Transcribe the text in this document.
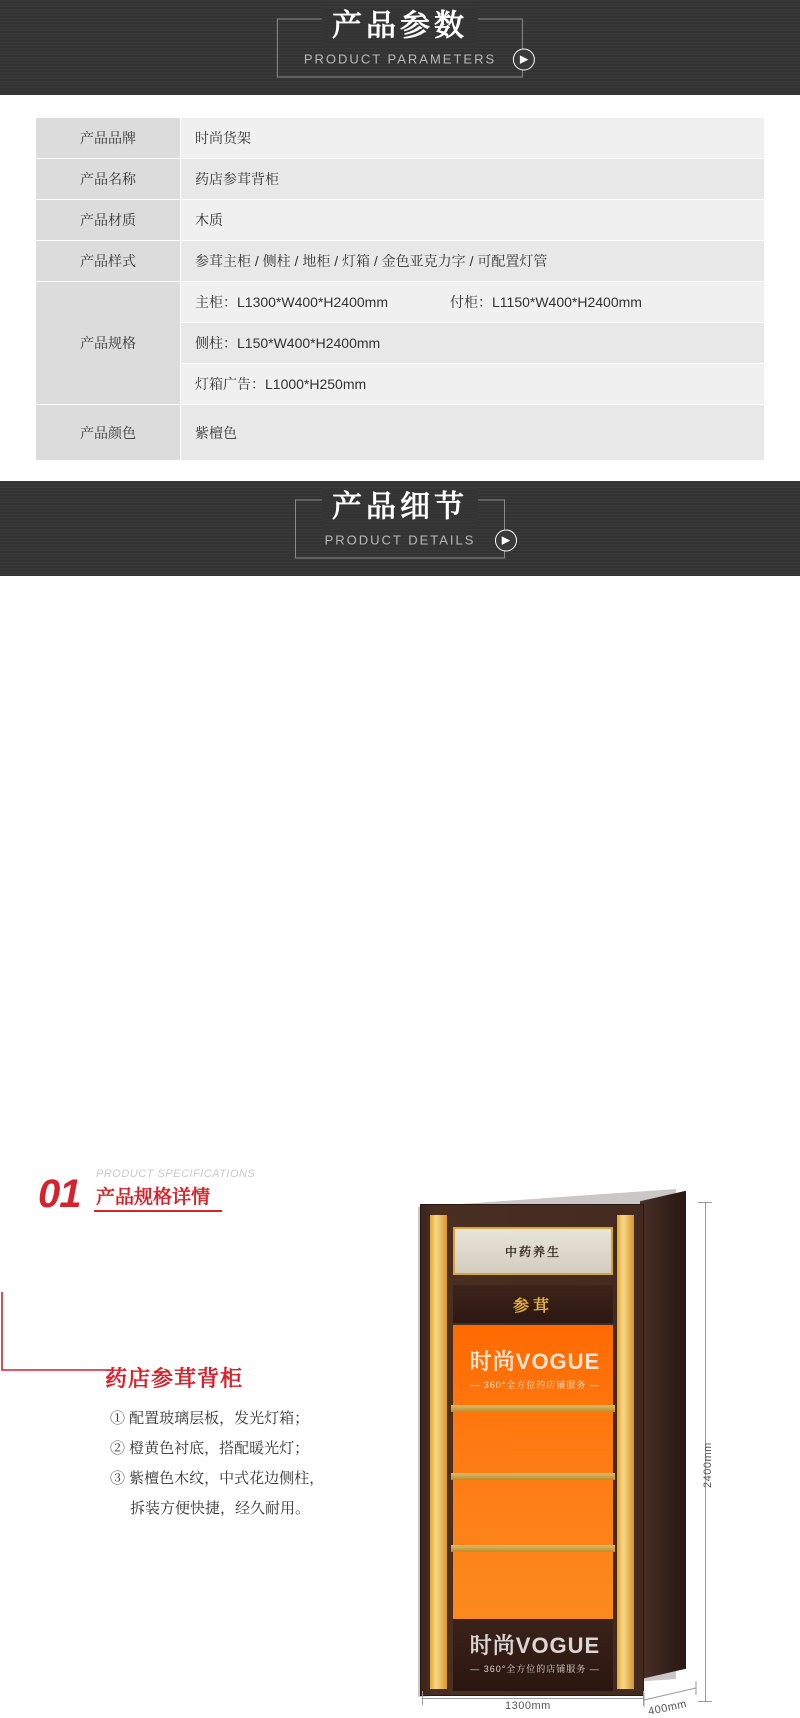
产品参数
PRODUCT PARAMETERS	▶
产品品牌	时尚货架
产品名称	药店参茸背柜
产品材质	木质
产品样式	参茸主柜 / 侧柱 / 地柜 / 灯箱 / 金色亚克力字 / 可配置灯管
产品规格	主柜：L1300*W400*H2400mm 付柜：L1150*W400*H2400mm

	侧柱：L150*W400*H2400mm

	灯箱广告：L1000*H250mm

产品颜色	紫檀色
产品细节
PRODUCT DETAILS	▶
01 PRODUCT SPECIFICATIONS
产品规格详情
药店参茸背柜
① 配置玻璃层板，发光灯箱；
② 橙黄色衬底，搭配暖光灯；
③ 紫檀色木纹，中式花边侧柱，
拆装方便快捷，经久耐用。
中药养生
参茸
时尚VOGUE
— 360°全方位的店铺服务 —
时尚VOGUE
— 360°全方位的店铺服务 —
2400mm
1300mm	400mm
